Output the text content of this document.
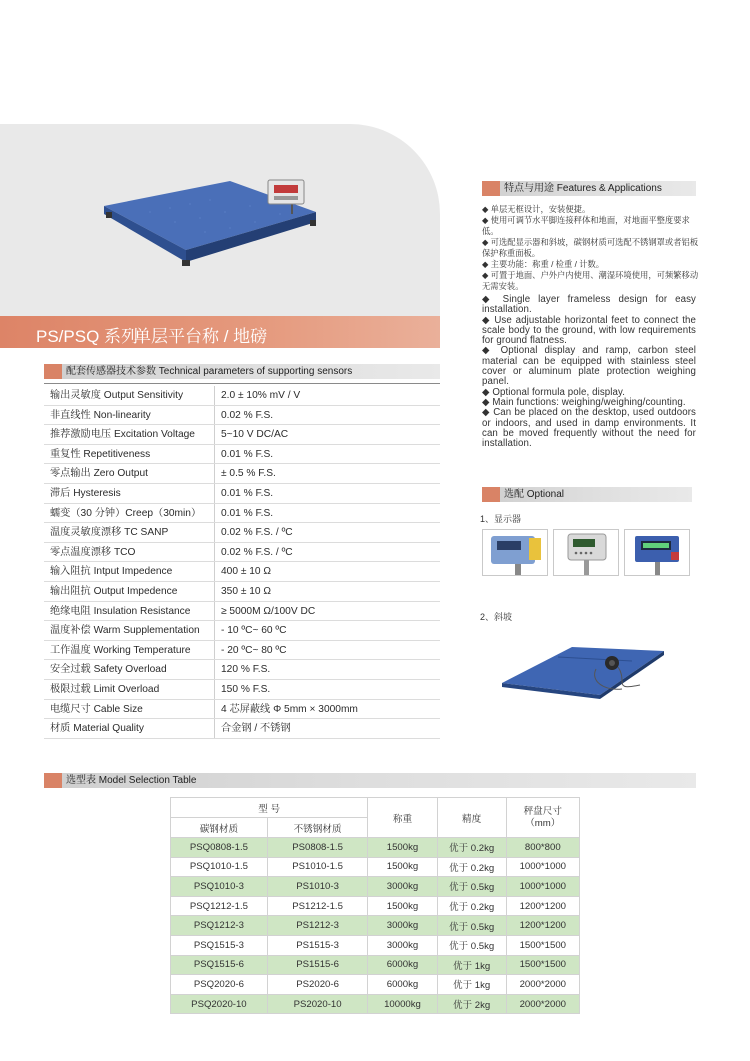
PS/PSQ 系列
单层平台称 / 地磅
配套传感器技术参数 Technical parameters of supporting sensors
输出灵敏度 Output Sensitivity	2.0 ± 10% mV / V
非直线性 Non-linearity	0.02 % F.S.
推荐激励电压 Excitation Voltage	5~10 V DC/AC
重复性 Repetitiveness	0.01 % F.S.
零点输出 Zero Output	± 0.5 % F.S.
滞后 Hysteresis	0.01 % F.S.
蠕变（30 分钟）Creep（30min） 0.01 % F.S.
温度灵敏度漂移 TC SANP	0.02 % F.S. / ºC
零点温度漂移 TCO	0.02 % F.S. / ºC
输入阻抗 Intput Impedence	400 ± 10 Ω
输出阻抗 Output Impedence	350 ± 10 Ω
绝缘电阻 Insulation Resistance	≥ 5000M Ω/100V DC
温度补偿 Warm Supplementation - 10 ºC~ 60 ºC
工作温度 Working Temperature	- 20 ºC~ 80 ºC
安全过载 Safety Overload	120 % F.S.
极限过载 Limit Overload	150 % F.S.
电缆尺寸 Cable Size	4 芯屏蔽线 Φ 5mm × 3000mm
材质 Material Quality	合金钢 / 不锈钢
特点与用途 Features & Applications
◆ 单层无框设计，安装便捷。
◆ 使用可调节水平脚连接秤体和地面，对地面平整度要求低。
◆ 可选配显示器和斜坡，碳钢材质可选配不锈钢罩或者铝板保护称重面板。
◆ 主要功能：称重 / 检重 / 计数。
◆ 可置于地面、户外户内使用、潮湿环境使用，可频繁移动无需安装。
◆ Single layer frameless design for easy installation.
◆ Use adjustable horizontal feet to connect the scale body to the ground, with low requirements for ground flatness.
◆ Optional display and ramp, carbon steel material can be equipped with stainless steel cover or aluminum plate protection weighing panel.
◆ Optional formula pole, display.
◆ Main functions: weighing/weighing/counting.
◆ Can be placed on the desktop, used outdoors or indoors, and used in damp environments. It can be moved frequently without the need for installation.
选配 Optional
1、显示器
2、斜坡
选型表 Model Selection Table
型 号		称重	精度	秤盘尺寸
（mm）
碳钢材质	不锈钢材质			
PSQ0808-1.5	PS0808-1.5	1500kg	优于 0.2kg	800*800
PSQ1010-1.5	PS1010-1.5	1500kg	优于 0.2kg	1000*1000
PSQ1010-3	PS1010-3	3000kg	优于 0.5kg	1000*1000
PSQ1212-1.5	PS1212-1.5	1500kg	优于 0.2kg	1200*1200
PSQ1212-3	PS1212-3	3000kg	优于 0.5kg	1200*1200
PSQ1515-3	PS1515-3	3000kg	优于 0.5kg	1500*1500
PSQ1515-6	PS1515-6	6000kg	优于 1kg	1500*1500
PSQ2020-6	PS2020-6	6000kg	优于 1kg	2000*2000
PSQ2020-10	PS2020-10	10000kg	优于 2kg	2000*2000
